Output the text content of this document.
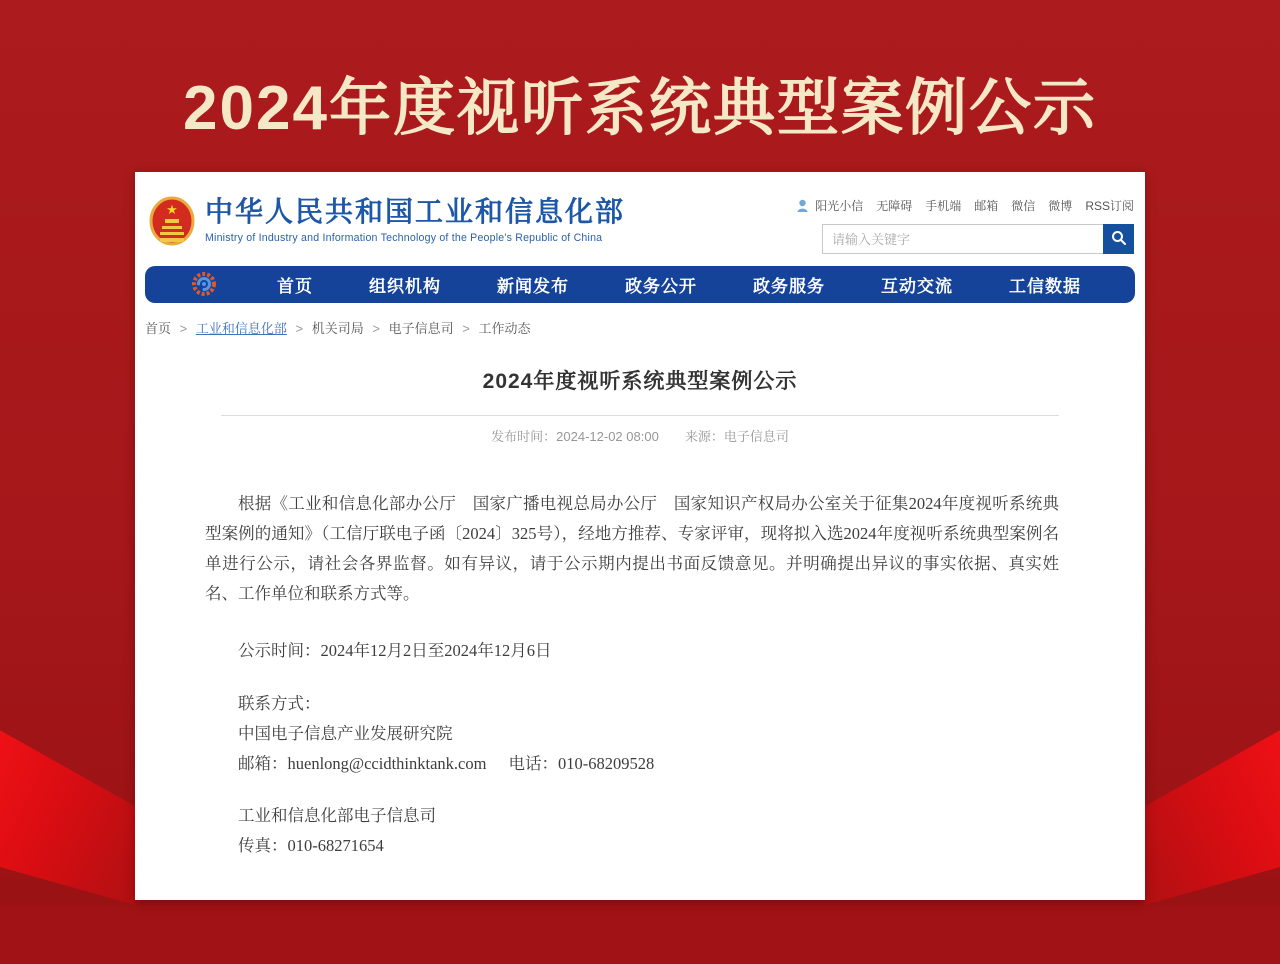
2024年度视听系统典型案例公示
★ 中华人民共和国工业和信息化部
Ministry of Industry and Information Technology of the People's Republic of China
阳光小信 无障碍 手机端 邮箱 微信 微博 RSS订阅
请输入关键字
首页	组织机构	新闻发布	政务公开	政务服务	互动交流	工信数据
首页 > 工业和信息化部 > 机关司局 > 电子信息司 > 工作动态
2024年度视听系统典型案例公示
发布时间：2024-12-02 08:00 来源：电子信息司

根据《工业和信息化部办公厅　国家广播电视总局办公厅　国家知识产权局办公室关于征集2024年度视听系统典型案例的通知》（工信厅联电子函〔2024〕325号），经地方推荐、专家评审，现将拟入选2024年度视听系统典型案例名单进行公示，请社会各界监督。如有异议，请于公示期内提出书面反馈意见。并明确提出异议的事实依据、真实姓名、工作单位和联系方式等。

公示时间：2024年12月2日至2024年12月6日

联系方式：

中国电子信息产业发展研究院

邮箱：huenlong@ccidthinktank.com 电话：010-68209528

工业和信息化部电子信息司

传真：010-68271654
